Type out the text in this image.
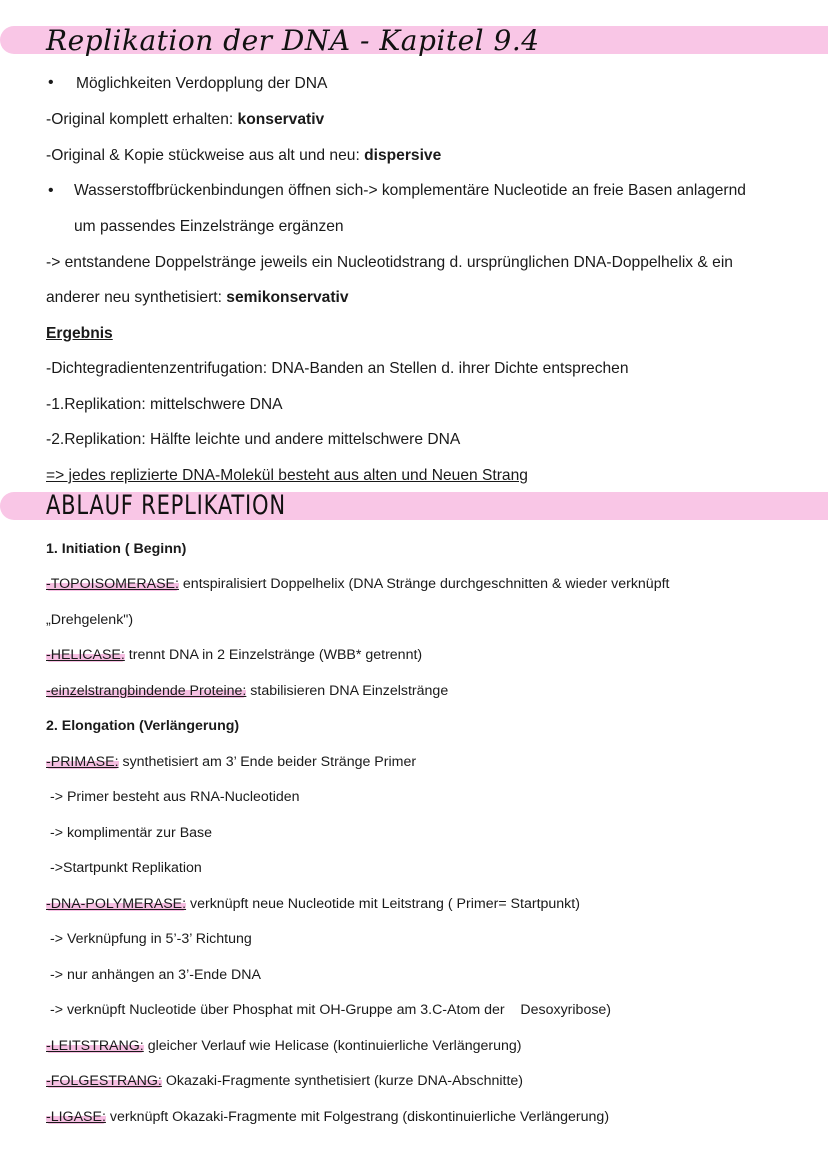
Replikation der DNA - Kapitel 9.4
• Möglichkeiten Verdopplung der DNA
-Original komplett erhalten: konservativ
-Original & Kopie stückweise aus alt und neu: dispersive
• Wasserstoffbrückenbindungen öffnen sich-> komplementäre Nucleotide an freie Basen anlagernd
um passendes Einzelstränge ergänzen
-> entstandene Doppelstränge jeweils ein Nucleotidstrang d. ursprünglichen DNA-Doppelhelix & ein
anderer neu synthetisiert: semikonservativ
Ergebnis
-Dichtegradientenzentrifugation: DNA-Banden an Stellen d. ihrer Dichte entsprechen
-1.Replikation: mittelschwere DNA
-2.Replikation: Hälfte leichte und andere mittelschwere DNA
=> jedes replizierte DNA-Molekül besteht aus alten und Neuen Strang
ABLAUF REPLIKATION
1. Initiation ( Beginn)
-TOPOISOMERASE: entspiralisiert Doppelhelix (DNA Stränge durchgeschnitten & wieder verknüpft
„Drehgelenk")
-HELICASE: trennt DNA in 2 Einzelstränge (WBB* getrennt)
-einzelstrangbindende Proteine: stabilisieren DNA Einzelstränge
2. Elongation (Verlängerung)
-PRIMASE: synthetisiert am 3’ Ende beider Stränge Primer
-> Primer besteht aus RNA-Nucleotiden
-> komplimentär zur Base
->Startpunkt Replikation
-DNA-POLYMERASE: verknüpft neue Nucleotide mit Leitstrang ( Primer= Startpunkt)
-> Verknüpfung in 5’-3’ Richtung
-> nur anhängen an 3’-Ende DNA
-> verknüpft Nucleotide über Phosphat mit OH-Gruppe am 3.C-Atom der    Desoxyribose)
-LEITSTRANG: gleicher Verlauf wie Helicase (kontinuierliche Verlängerung)
-FOLGESTRANG: Okazaki-Fragmente synthetisiert (kurze DNA-Abschnitte)
-LIGASE: verknüpft Okazaki-Fragmente mit Folgestrang (diskontinuierliche Verlängerung)
